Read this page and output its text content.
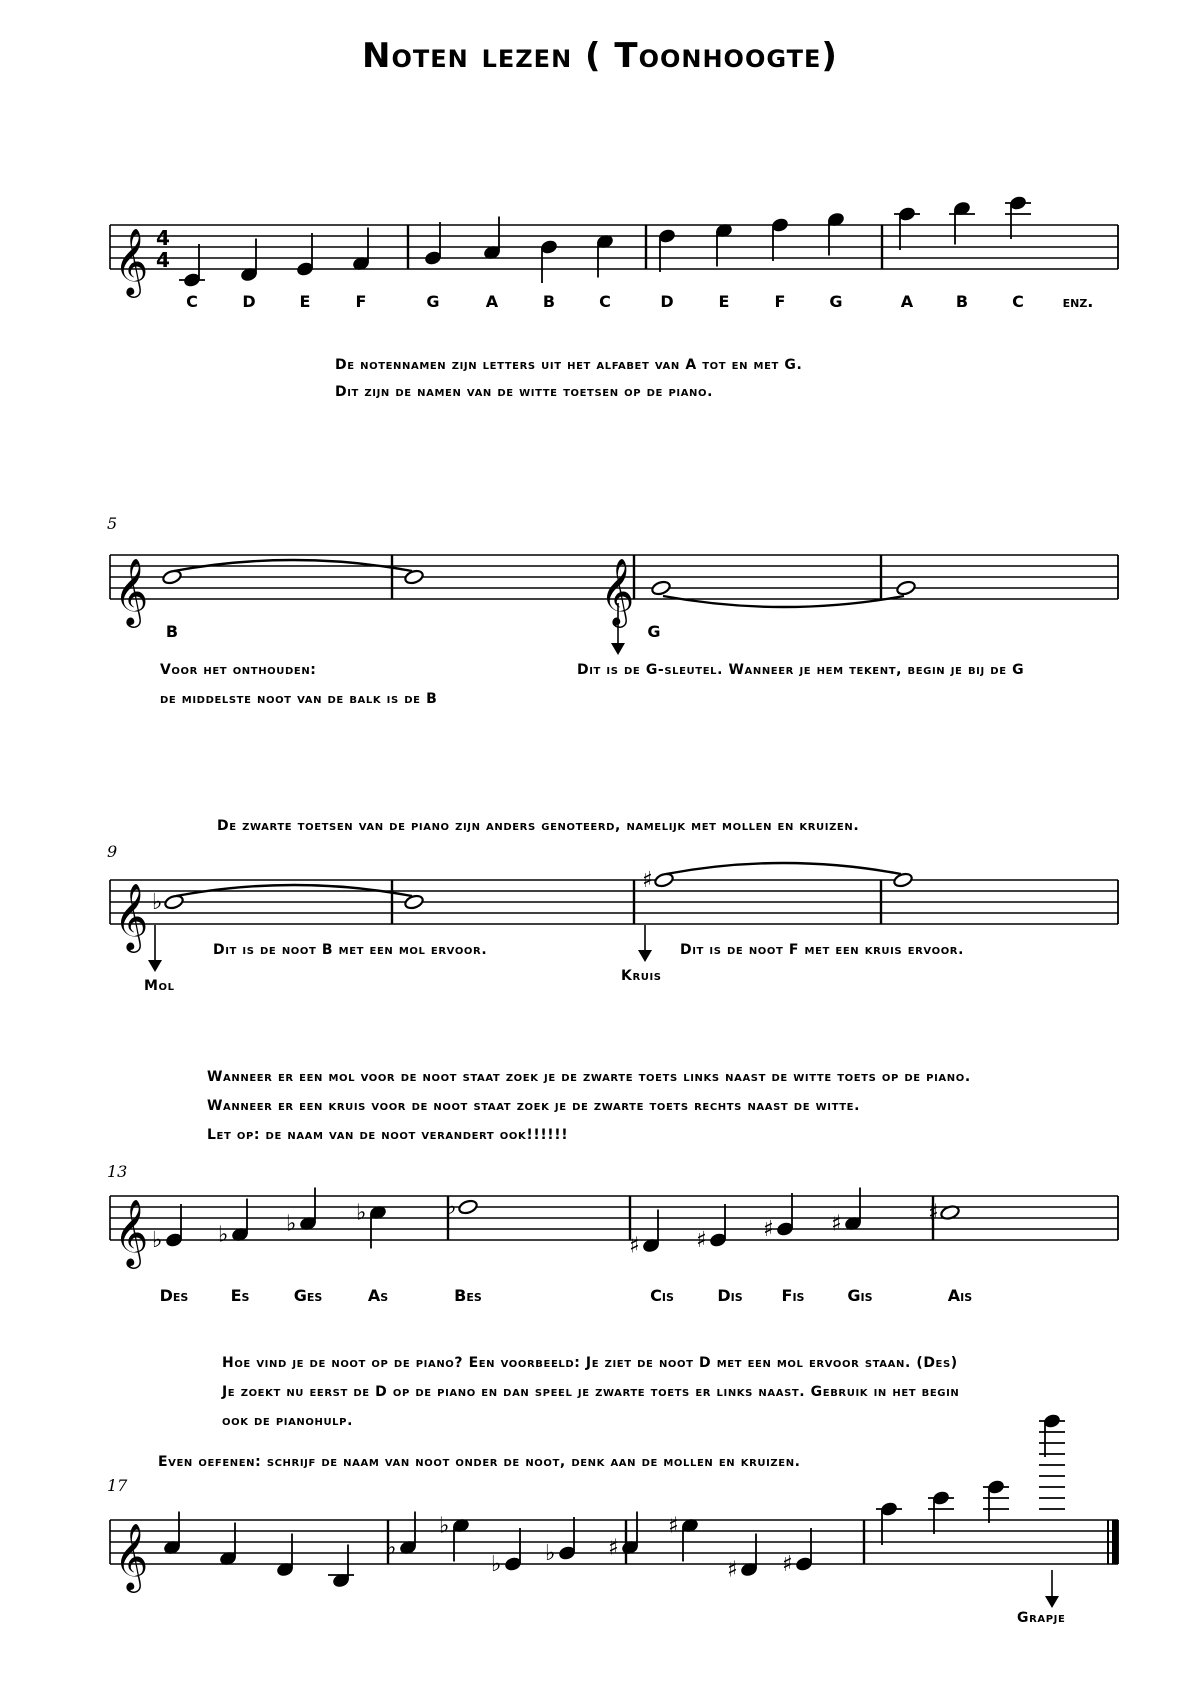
𝄞 4
4
𝄞	𝄞
𝄞 ♭
♯
𝄞 ♭	♭	♭	♭	♭
♯	♯	♯	♯	♯
𝄞	♭
♭
♭ ♭ ♯
♯
♯ ♯
Noten lezen ( Toonhoogte)
C	D	E	F	G	A	B	C	D	E	F	G	A	B	C	enz.
De notennamen zijn letters uit het alfabet van A tot en met G.
Dit zijn de namen van de witte toetsen op de piano.
5
B	G
Voor het onthouden:
de middelste noot van de balk is de B
Dit is de G-sleutel. Wanneer je hem tekent, begin je bij de G
De zwarte toetsen van de piano zijn anders genoteerd, namelijk met mollen en kruizen.
9
Dit is de noot B met een mol ervoor.	Dit is de noot F met een kruis ervoor.
Mol
Kruis
Wanneer er een mol voor de noot staat zoek je de zwarte toets links naast de witte toets op de piano.
Wanneer er een kruis voor de noot staat zoek je de zwarte toets rechts naast de witte.
Let op: de naam van de noot verandert ook!!!!!!
13
Des	Es	Ges	As	Bes	Cis	Dis	Fis	Gis	Ais
Hoe vind je de noot op de piano? Een voorbeeld: Je ziet de noot D met een mol ervoor staan. (Des)
Je zoekt nu eerst de D op de piano en dan speel je zwarte toets er links naast. Gebruik in het begin
ook de pianohulp.
Even oefenen: schrijf de naam van noot onder de noot, denk aan de mollen en kruizen.
17
Grapje
